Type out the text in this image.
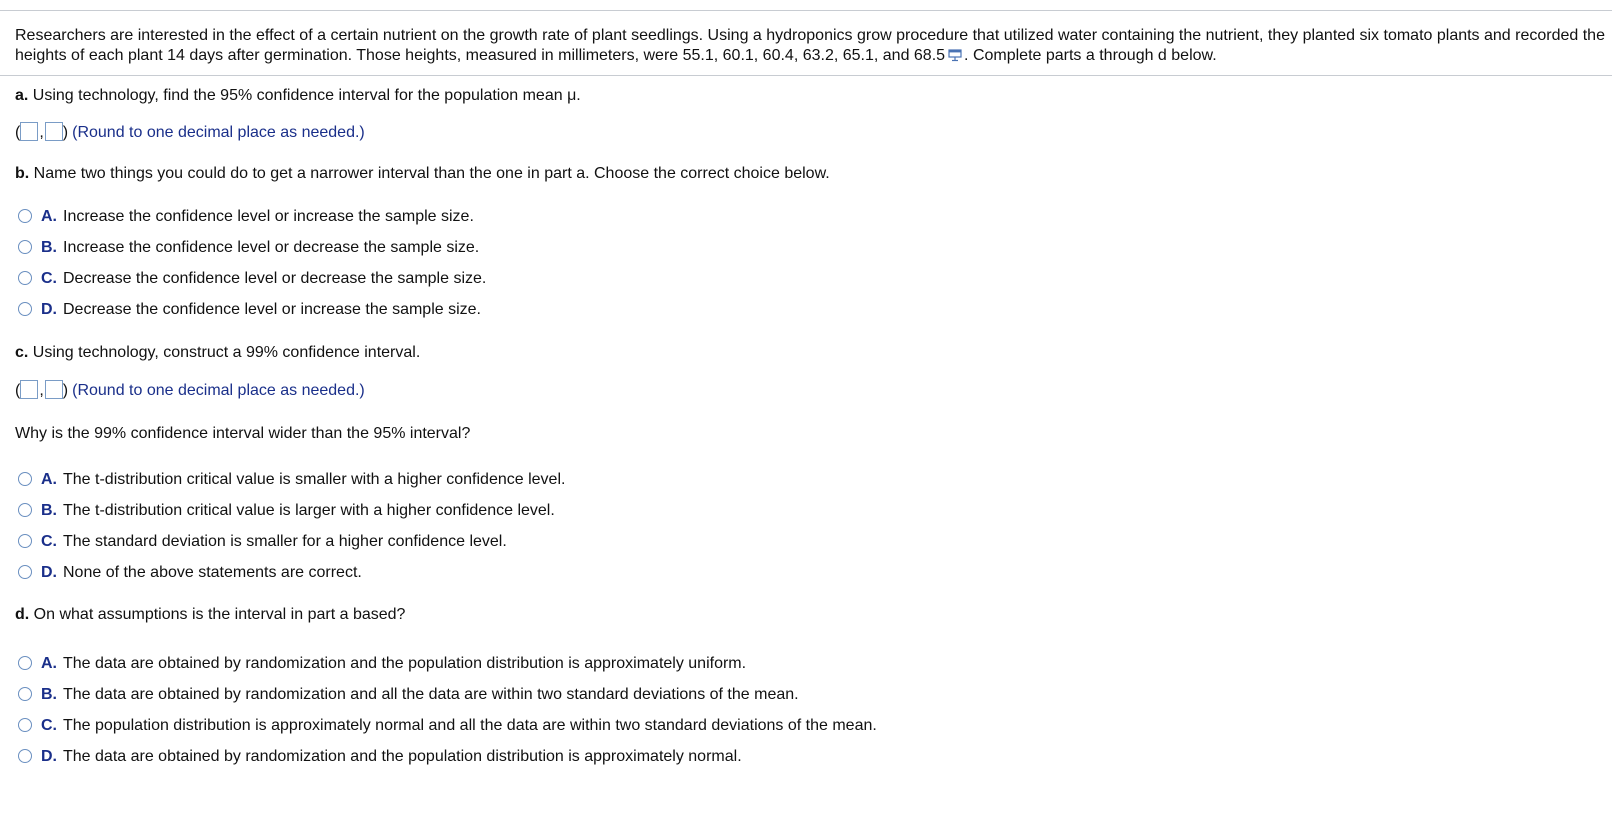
Researchers are interested in the effect of a certain nutrient on the growth rate of plant seedlings. Using a hydroponics grow procedure that utilized water containing the nutrient, they planted six tomato plants and recorded the heights of each plant 14 days after germination. Those heights, measured in millimeters, were 55.1, 60.1, 60.4, 63.2, 65.1, and 68.5 . Complete parts a through d below.

a. Using technology, find the 95% confidence interval for the population mean μ.
( , ) (Round to one decimal place as needed.)
b. Name two things you could do to get a narrower interval than the one in part a. Choose the correct choice below.
A. Increase the confidence level or increase the sample size.
B. Increase the confidence level or decrease the sample size.
C. Decrease the confidence level or decrease the sample size.
D. Decrease the confidence level or increase the sample size.
c. Using technology, construct a 99% confidence interval.
( , ) (Round to one decimal place as needed.)
Why is the 99% confidence interval wider than the 95% interval?
A. The t-distribution critical value is smaller with a higher confidence level.
B. The t-distribution critical value is larger with a higher confidence level.
C. The standard deviation is smaller for a higher confidence level.
D. None of the above statements are correct.
d. On what assumptions is the interval in part a based?
A. The data are obtained by randomization and the population distribution is approximately uniform.
B. The data are obtained by randomization and all the data are within two standard deviations of the mean.
C. The population distribution is approximately normal and all the data are within two standard deviations of the mean.
D. The data are obtained by randomization and the population distribution is approximately normal.
